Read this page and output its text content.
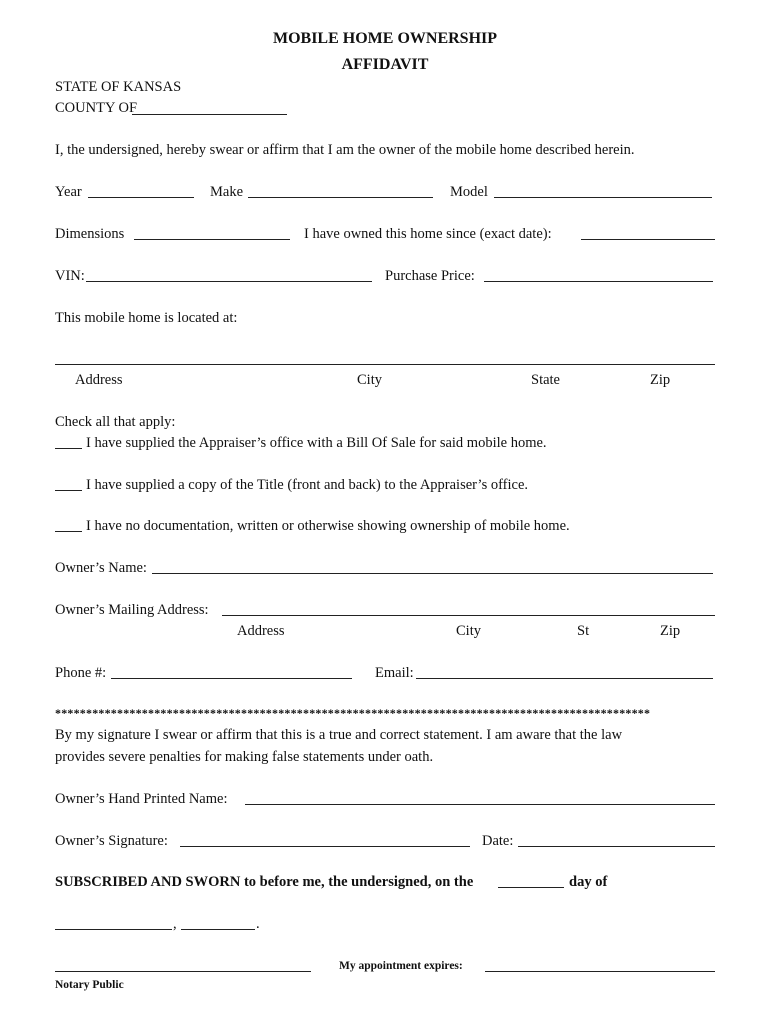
MOBILE HOME OWNERSHIP
AFFIDAVIT
STATE OF KANSAS
COUNTY OF
I, the undersigned, hereby swear or affirm that I am the owner of the mobile home described herein.
Year	Make	Model
Dimensions	I have owned this home since (exact date):
VIN:	Purchase Price:
This mobile home is located at:
Address	City	State	Zip
Check all that apply:
I have supplied the Appraiser’s office with a Bill Of Sale for said mobile home.
I have supplied a copy of the Title (front and back) to the Appraiser’s office.
I have no documentation, written or otherwise showing ownership of mobile home.
Owner’s Name:
Owner’s Mailing Address:
Address	City	St	Zip
Phone #:	Email:
************************************************************************************************
By my signature I swear or affirm that this is a true and correct statement. I am aware that the law
provides severe penalties for making false statements under oath.
Owner’s Hand Printed Name:
Owner’s Signature:	Date:
SUBSCRIBED AND SWORN to before me, the undersigned, on the	day of
,	.
My appointment expires:
Notary Public
